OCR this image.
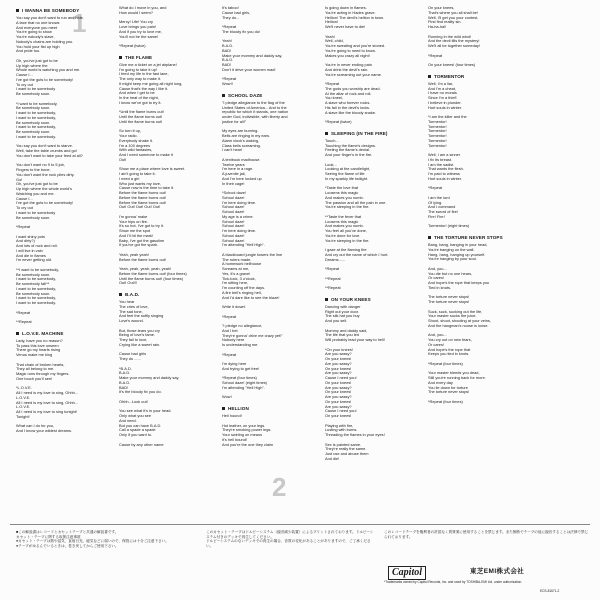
1
2
I WANNA BE SOMEBODY
You say you don't want to run and hide.
A face that no one knows
And everyone you meet
You're going to show
You're nobody's slave,
Nobody's chains are holding you.
You hold your fist up high
And pride too.

Oh, you've just got to be
Up high where the
Whole world is watching you and me.
Cause I...
I've got the guts to be somebody!
To cry out
I want to be somebody
Be somebody soon.

*I want to be somebody,
Be somebody soon.
I want to be somebody,
I want to be somebody,
Be somebody soon.
I want to be somebody,
Be somebody soon.
I want to be somebody.

You say you don't want to starve.
Well, take the table crumbs and go!
You don't want to take your feed at all?

You don't want no 9 to 5 job,
Fingers to the bone.
You don't want the rock piles dirty.
Go!
Oh, you've just got to be
Up high where the whole world's
Watching you and me.
Cause I...
I've got the guts to be somebody!
To cry out
I want to be somebody
Be somebody soon.

*Repeat

I want shiny pots
And dirty?)
And lots of rock and roll.
I will live in vain
And die in flames
I'm never getting old.

**I want to be somebody,
Be somebody soon.
I want to be somebody,
Be somebody fat!**
I want to be somebody,
Be somebody soon.
I want to be somebody,
I want to be somebody.

*Repeat

**Repeat
L.O.V.E. MACHINE
Lady, have you no reason?
To pass this love unseen
There go my hearts rising
Venus make me king

That chain of broken hearts,
They all belong to me.
Magic runs through my fingers.
One touch you'll see!

*L.O.V.E.
All I need is my love to sing, Ohhh...
L.O.V.E.
All I need is my love to sing, Ohhh...
L.O.V.E.
All I need is my love to sing tonight!
Tonight!

What can I do for you,
And I know your wildest dreams.
What do I move in you, and
How would I seem?

Mercy! Life! You cry
Love brings you pain!
And if you try to love me,
You'll not be the same!

*Repeat (twice)
THE FLAME
Give me a ticket on a jet airplane!
I'm going to take it up!
I feed my life in the fast lane,
The only way to make it.
It might keep me going all night long,
Cause that's the way I like it.
And when I get to be
In the heat of the night,
I know we've got to try it.

*Until the flame burns out!
Until the flame burns out!
Until the flame burns out!

So turn it up,
Your radio.
Everybody shake it.
I'm a 100 degrees
With wild fantasies,
And I need someone to make it
Out!

Show me a place where love is sweet.
I ain't going to take it.
I need a girl
Who just wants my love,
Cause now is the time to take it.
Before the flame burns out!
Before the flame burns out!
Before the flame burns out!
Out! Out! Out! Out! Out!

I'm gonna' make
Your hips on fire.
It's so hot, I've got to try it.
Show me the spot
And I'll hit the mark!
Baby, I've got the gasoline
If you've got the spark.

Yeah, yeah yeah!
Before the flame burns out!

Yeah, yeah, yeah, yeah, yeah!
Before the flame burns out! (four times)
Until the flame burns out! (four times)
Out! Out!!!
B.A.D.
You hear
The cries of love,
The sad tone,
And feel the softly singing
Love's wound.

But, those tears you cry
Being of love's fame.
They fall to love,
Crying like a sweet rain.

Cause bad girls
They do ......

*B.A.D.
B.A.D.
Make your mommy and daddy say,
B.A.D.
BAD!
It's the bloody fix you do.

Ohhh...Look out!

You see what it's in your head.
Only what you see
And need.
But you can have B.A.D.
Call a spade a spade
Only if you want to.

Cause by any other name
It's taboo!
Cause bad girls,
They do...

*Repeat
The bloody fix you do!

Yeah!
B.A.D.
BAD!
Make your mommy and daddy say,
B.A.D.
BAD!
Don't it drive your women mad!

*Repeat
Wow!!
SCHOOL DAZE
"I pledge allegiance to the flag of the
United States of America... And to the
republic for which it stands, one nation
under God, indivisible, with liberty and
justice for all!"

My eyes are burning.
Bells are ringing in my ears.
Alarm clock's waking,
Class bells screaming.
I can't hear!

A textbook madhouse.
Twelve years
I'm here in a rage.
A juvenile jail,
And I'm here locked up
In their cage!

*School daze!
School daze!
I'm here doing time.
School daze!
School daze!
My age is a crime.
School daze!
School daze!
I'm here doing time.
School daze!
School daze!
I'm attending "Hell High".

A blackboard jungle towers the line
The rulers made.
A homework hellhouse
Screams at me,
Yes, it's a grave!
Tick-tock, 3 o'clock,
I'm sitting here,
I'm counting off the days.
A fire bell's ringing hell,
And I'd dare like to see the blaze!

Write it down!

*Repeat

"I pledge no allegiance,
And I bet
They're gonna' drive me crazy yet!"
Nobody here
Is understanding me.

*Repeat

I'm dying here
And trying to get free!

*Repeat (four times)
School daze! (eight times)
I'm attending "Hell High".

Wow!
HELLION
Hell hound!

Hot leather, on your legs.
They're smoking power legs.
Your swirling on means
It's hell bound!
And you're the one they claim
Is going down in flames.
You're acting in Hades grave.
Hellion! The devil's hellion in town.
Hellion!
We'll never have to die!

Yeah!
Well, child,
You're sweating and you're stoned.
You're going to need to know.
Makes you crazy all night!

You're in never ending pain
And drink the devil's rain.
You're screaming out your name.

*Repeat
The gods you worship are dead.
At the altar of rock and roll.
You kneel,
A slave who forever rocks.
His fall in the devil's locks.
A slave like the bloody snake.

*Repeat (twice)
SLEEPING (IN THE FIRE)
Touch...
Touching the flame's designs.
Feeling the flame's denial.
And your finger's in the fire.

Look...
Looking at the candlelight,
Seeing the flame of life
In my sparkly life twilight.

*Taste the love that
Loosens this magic
And makes you numb.
The passion and all the pain in one.
You're sleeping in the fire.

**Taste the fever that
Loosens this magic
And makes you numb.
You feel all you've done,
You're done for love.
You're sleeping in the fire.

I gaze at the flaming fire
And cry out the name of which I hurt.
Dreams......

*Repeat

**Repeat

**Repeat
ON YOUR KNEES
Dancing with danger
Right out your door.
The silk hat you buy
And you sell.

Mommy and daddy said,
The life that you led
Will probably lead your way to hell!

*On your knees!
Are you sassy?
On your knees!
Are you sassy?
On your knees!
Are you sassy?
Cause I need you!
On your knees!
Are you sassy?
On your knees!
Are you sassy?
On your knees!
Are you sassy?
Cause I need you!
On your knees!

Playing with fire,
Lusting with burns.
Threading the flames in your eyes!

Sex is painted same.
They're really the same.
Just use and abuse them
And die!
On your knees,
That's where you all shall be!
Well, I'll get you your contest,
First find reality sin.
Ha-ha-ha!!

Running in the wild wind!
And the devil tills the mystery!
We'll all be together someday!

*Repeat

On your knees! (four times)
TORMENTOR
Well, I'm a liar,
And I'm a cheat,
I have no morals
Since I'm a thief!
I believe in plunder.
Hurt souls in winter.

*I am the killer and the
Tormentor!
Tormentor!
Tormentor!
Tormentor!
Tormentor!
Tormentor!

Well, I am a sinner
I fix its breast.
I am the sadist
That wants the flesh.
I'm paid to witness
Hurt souls in winter.

*Repeat

I am the lord
Of lying.
And I command
The sword of fire!
Fire! Fire!

Tormentor! (eight times)
THE TORTURE NEVER STOPS
Bang, bang, banging in your head,
You're banging on the wall.
Hang, hang, hanging up yourself.
You're hanging by your soul.

And, you...
You die but no one hears,
Or cares!
And hope's the rope that keeps you
Tied in knots.

The torture never stops!
The torture never stops!

Suck, suck, sucking out the life,
Your master sucks the juice.
Shoot, shoot, shooting at your veins,
And the hangman's noose is loose.

And, you...
You cry out on new fears,
Or cares!
And hope's the rope that
Keeps you tied in knots.

*Repeat (four times)

Your master bleeds you dead,
Still you're running back for more.
And every day
You lie down for torture
The torture never stops!

*Repeat (four times)
■この解説書はレコードとカセットテープと共通の解説書です。
カセット・テープに関する取扱注意事項
●カセット・テープは熱や湿気、直射日光、磁気などに弱いので、保管には十分ご注意下さい。
●テープがゆるんでいるときは、巻き戻してからご使用下さい。
このカセット・テープはドルビーシステム（録音減少装置）によるプリントされております。ドルビーシステム付きのデッキで再生してください。
ドルビーシステムのないデッキでの再生の場合、音質の変化があることがありますので、ご了承ください。
このレコードテープを権利者の許諾なく賃貸業に使用することを禁じます。また無断でテープの他に録音することは法律で禁じられております。
Capitol	東芝EMI株式会社
*Trademarks owned by Capitol Records, Inc. and used by TOSHIBA-EMI Ltd. under authorization.
ECS-81671-2
